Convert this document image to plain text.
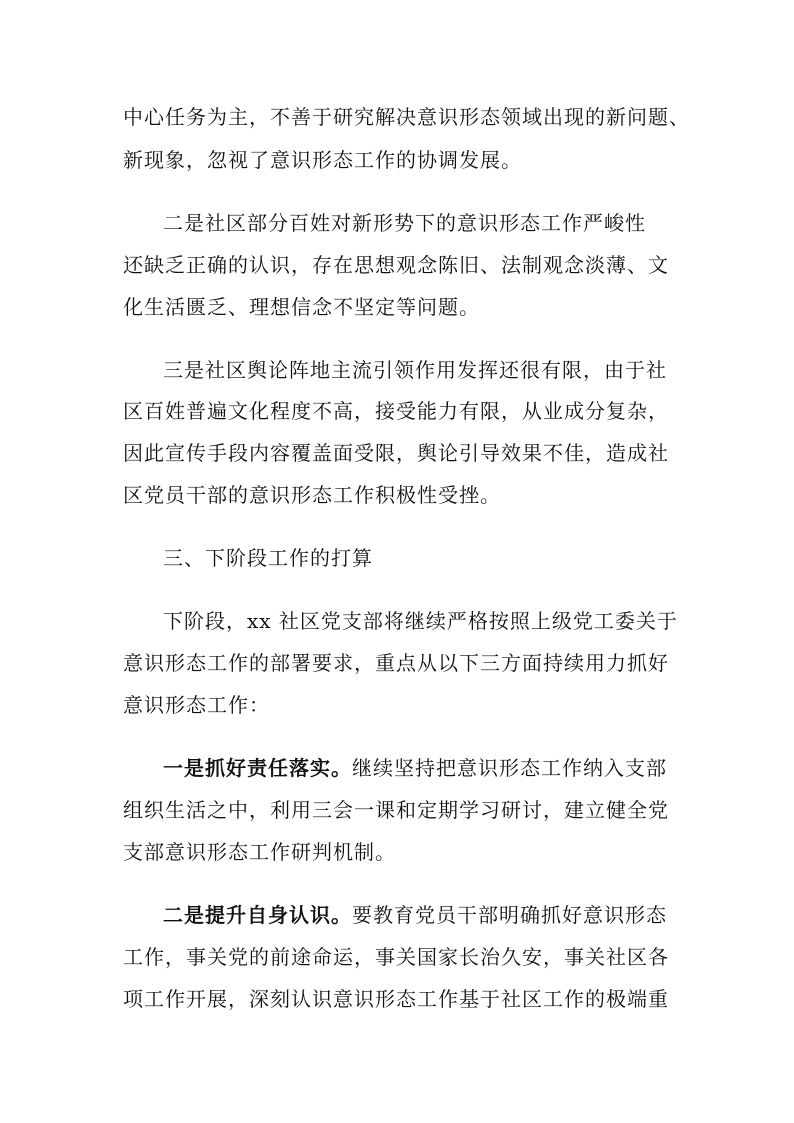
中心任务为主，不善于研究解决意识形态领域出现的新问题、
新现象，忽视了意识形态工作的协调发展。
二是社区部分百姓对新形势下的意识形态工作严峻性
还缺乏正确的认识，存在思想观念陈旧、法制观念淡薄、文
化生活匮乏、理想信念不坚定等问题。
三是社区舆论阵地主流引领作用发挥还很有限，由于社
区百姓普遍文化程度不高，接受能力有限，从业成分复杂，
因此宣传手段内容覆盖面受限，舆论引导效果不佳，造成社
区党员干部的意识形态工作积极性受挫。
三、下阶段工作的打算
下阶段，xx 社区党支部将继续严格按照上级党工委关于
意识形态工作的部署要求，重点从以下三方面持续用力抓好
意识形态工作：
一是抓好责任落实。继续坚持把意识形态工作纳入支部
组织生活之中，利用三会一课和定期学习研讨，建立健全党
支部意识形态工作研判机制。
二是提升自身认识。要教育党员干部明确抓好意识形态
工作，事关党的前途命运，事关国家长治久安，事关社区各
项工作开展，深刻认识意识形态工作基于社区工作的极端重
